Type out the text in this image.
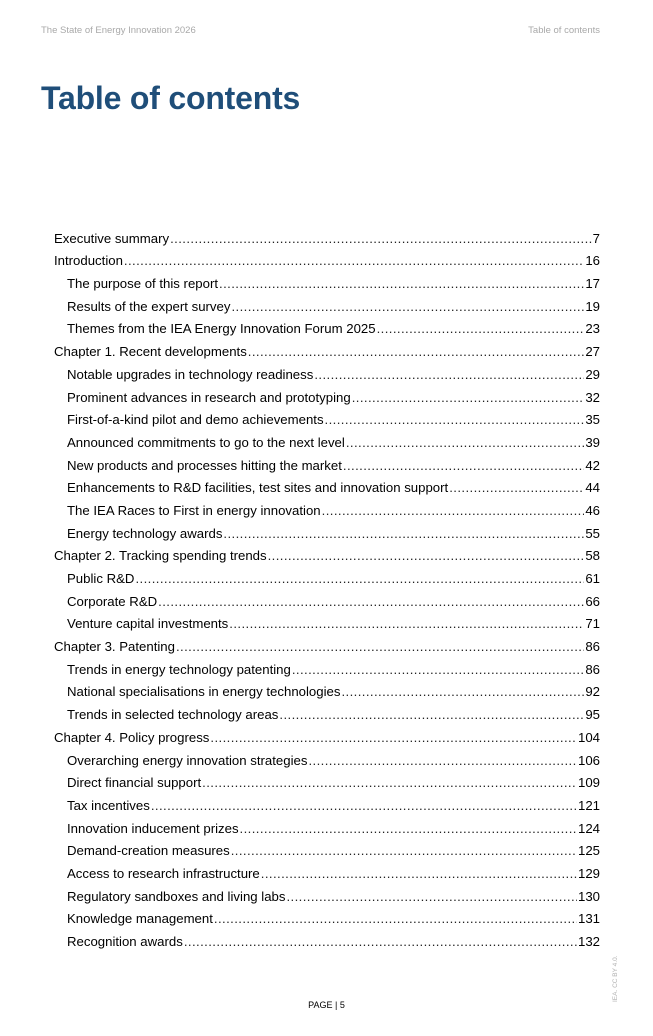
The State of Energy Innovation 2026	Table of contents
Table of contents
Executive summary .....	7
Introduction .....	16
The purpose of this report .....	17
Results of the expert survey .....	19
Themes from the IEA Energy Innovation Forum 2025 .....	23
Chapter 1. Recent developments .....	27
Notable upgrades in technology readiness .....	29
Prominent advances in research and prototyping .....	32
First-of-a-kind pilot and demo achievements .....	35
Announced commitments to go to the next level .....	39
New products and processes hitting the market .....	42
Enhancements to R&D facilities, test sites and innovation support .....	44
The IEA Races to First in energy innovation .....	46
Energy technology awards .....	55
Chapter 2. Tracking spending trends .....	58
Public R&D .....	61
Corporate R&D .....	66
Venture capital investments .....	71
Chapter 3. Patenting .....	86
Trends in energy technology patenting .....	86
National specialisations in energy technologies .....	92
Trends in selected technology areas .....	95
Chapter 4. Policy progress .....	104
Overarching energy innovation strategies .....	106
Direct financial support .....	109
Tax incentives .....	121
Innovation inducement prizes .....	124
Demand-creation measures .....	125
Access to research infrastructure .....	129
Regulatory sandboxes and living labs .....	130
Knowledge management .....	131
Recognition awards .....	132
PAGE | 5
IEA. CC BY 4.0.
